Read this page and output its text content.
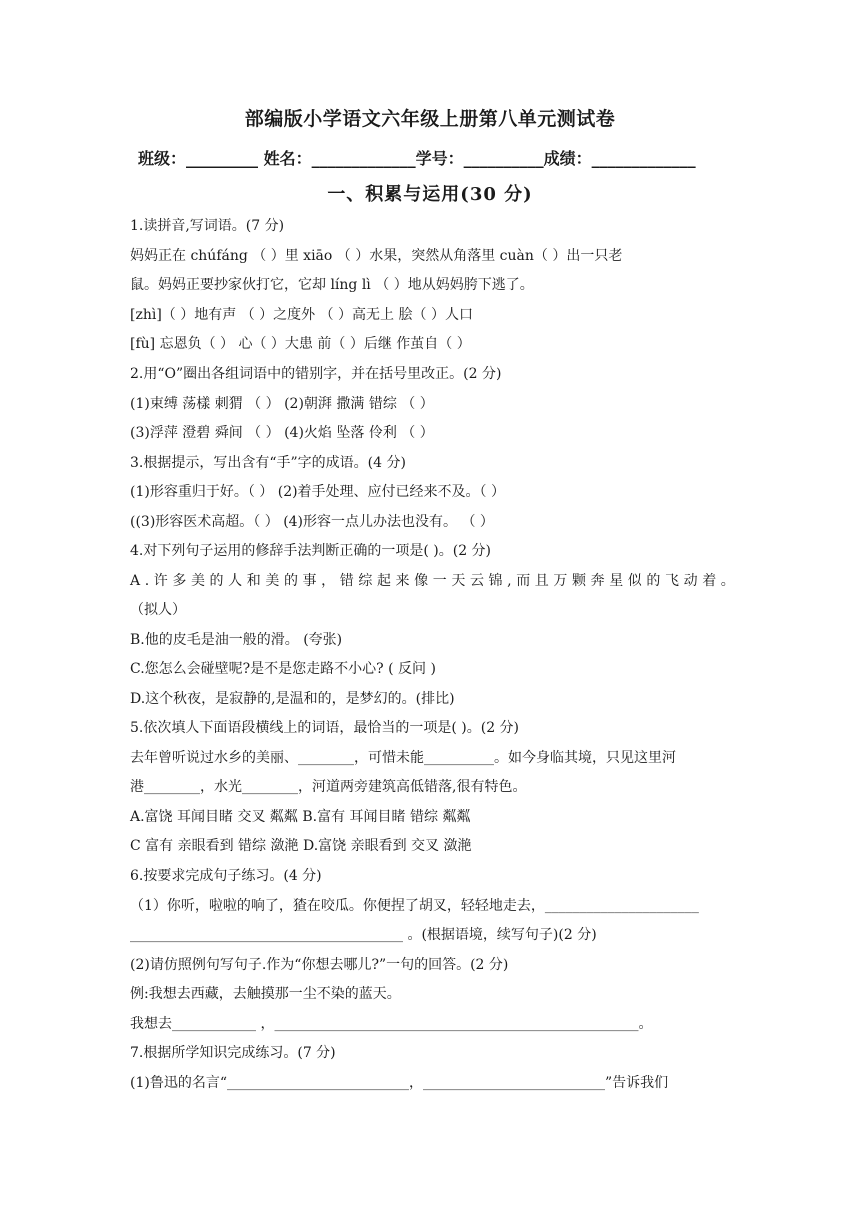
部编版小学语文六年级上册第八单元测试卷
班级：_________ 姓名：_____________学号：__________成绩：_____________
一、积累与运用(30 分)
1.读拼音,写词语。(7 分)
妈妈正在 chúfáng （ ）里 xiāo （ ）水果，突然从角落里 cuàn（ ）出一只老
鼠。妈妈正要抄家伙打它，它却 líng lì （ ）地从妈妈胯下逃了。
[zhì]（ ）地有声 （ ）之度外 （ ）高无上 脍（ ）人口
[fù] 忘恩负（ ） 心（ ）大患 前（ ）后继 作茧自（ ）
2.用“O”圈出各组词语中的错别字，并在括号里改正。(2 分)
(1)束缚 荡樣 刺猬 （ ） (2)朝湃 撒满 错综 （ ）
(3)浮萍 澄碧 舜间 （ ） (4)火焰 坠落 伶利 （ ）
3.根据提示，写出含有“手”字的成语。(4 分)
(1)形容重归于好。（ ） (2)着手处理、应付已经来不及。（ ）
((3)形容医术高超。（ ） (4)形容一点儿办法也没有。 （ ）
4.对下列句子运用的修辞手法判断正确的一项是( )。(2 分)
A.许多美的人和美的事，错综起来像一天云锦,而且万颗奔星似的飞动着。
（拟人）
B.他的皮毛是油一般的滑。 (夸张)
C.您怎么会碰壁呢?是不是您走路不小心? ( 反问 )
D.这个秋夜，是寂静的,是温和的，是梦幻的。(排比)
5.依次填人下面语段横线上的词语，最恰当的一项是( )。(2 分)
去年曾听说过水乡的美丽、________，可惜未能__________。如今身临其境，只见这里河
港________，水光________，河道两旁建筑高低错落,很有特色。
A.富饶 耳闻目睹 交叉 粼粼 B.富有 耳闻目睹 错综 粼粼
C 富有 亲眼看到 错综 潋滟 D.富饶 亲眼看到 交叉 潋滟
6.按要求完成句子练习。(4 分)
（1）你听，啦啦的响了，猹在咬瓜。你便捏了胡叉，轻轻地走去，______________________
_______________________________________ 。(根据语境，续写句子)(2 分)
(2)请仿照例句写句子.作为“你想去哪儿?”一句的回答。(2 分)
例:我想去西藏，去触摸那一尘不染的蓝天。
我想去____________ ，____________________________________________________。
7.根据所学知识完成练习。(7 分)
(1)鲁迅的名言“__________________________，__________________________”告诉我们
